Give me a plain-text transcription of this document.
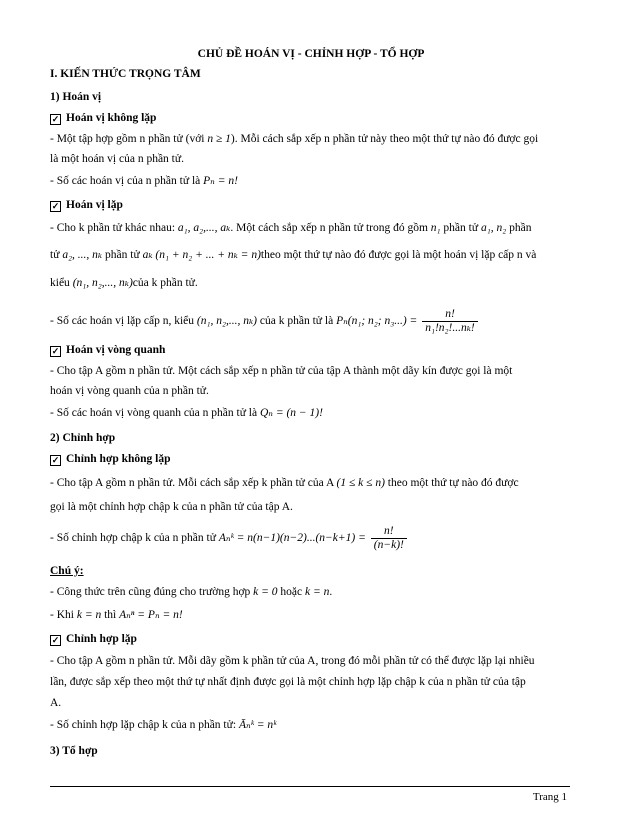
CHỦ ĐỀ HOÁN VỊ - CHỈNH HỢP - TỔ HỢP
I. KIẾN THỨC TRỌNG TÂM
1) Hoán vị
✓ Hoán vị không lặp
- Một tập hợp gồm n phần tử (với n ≥ 1). Mỗi cách sắp xếp n phần tử này theo một thứ tự nào đó được gọi
là một hoán vị của n phần tử.
- Số các hoán vị của n phần tử là Pₙ = n!
✓ Hoán vị lặp
- Cho k phần tử khác nhau: a₁, a₂,..., aₖ. Một cách sắp xếp n phần tử trong đó gồm n₁ phần tử a₁, n₂ phần
tử a₂, ..., nₖ phần tử aₖ (n₁ + n₂ + ... + nₖ = n)theo một thứ tự nào đó được gọi là một hoán vị lặp cấp n và
kiểu (n₁, n₂,..., nₖ)của k phần tử.
- Số các hoán vị lặp cấp n, kiểu (n₁, n₂,..., nₖ) của k phần tử là Pₙ(n₁; n₂; $n_3...) = \frac{n!}{\text{n₁!n₂!...nₖ!}}$
✓ Hoán vị vòng quanh
- Cho tập A gồm n phần tử. Một cách sắp xếp n phần tử của tập A thành một dãy kín được gọi là một
hoán vị vòng quanh của n phần tử.
- Số các hoán vị vòng quanh của n phần tử là Qₙ = (n − 1)!
2) Chỉnh hợp
✓ Chỉnh hợp không lặp
- Cho tập A gồm n phần tử. Mỗi cách sắp xếp k phần tử của A (1 ≤ k ≤ n) theo một thứ tự nào đó được
gọi là một chỉnh hợp chập k của n phần tử của tập A.
- Số chỉnh hợp chập k của n phần tử Aₙᵏ = $n(n-1)(n-2)...(n-k+1) = \frac{n!}{(n-k)!}$
Chú ý:
- Công thức trên cũng đúng cho trường hợp k = 0 hoặc k = n.
- Khi k = n thì Aₙⁿ = Pₙ = n!
✓ Chỉnh hợp lặp
- Cho tập A gồm n phần tử. Mỗi dãy gồm k phần tử của A, trong đó mỗi phần tử có thể được lặp lại nhiều
lần, được sắp xếp theo một thứ tự nhất định được gọi là một chỉnh hợp lặp chập k của n phần tử của tập
A.
- Số chỉnh hợp lặp chập k của n phần tử: Āₙᵏ = nᵏ
3) Tổ hợp
Trang 1
